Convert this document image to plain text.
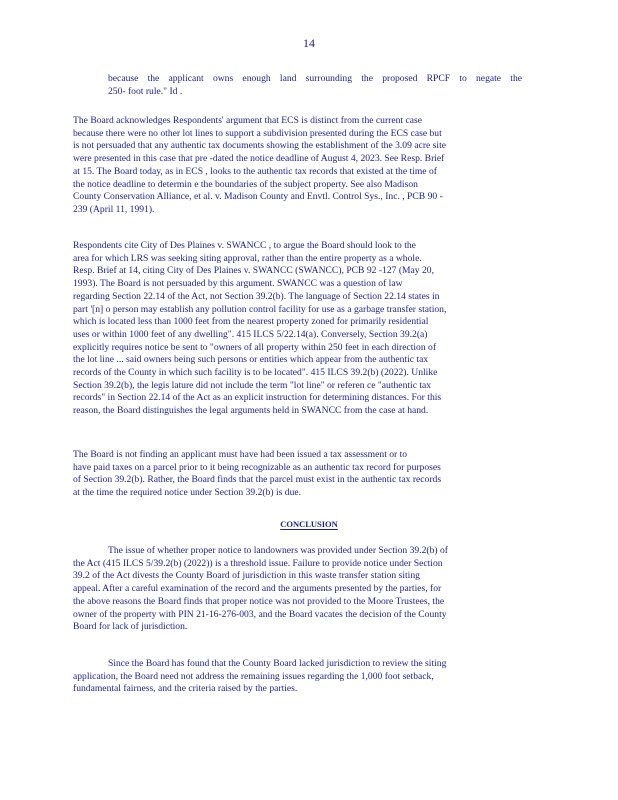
14
because the applicant owns enough land surrounding the proposed RPCF to negate the
250- foot rule." Id .
The Board acknowledges Respondents' argument that ECS is distinct from the current case
because there were no other lot lines to support a subdivision presented during the ECS case but
is not persuaded that any authentic tax documents showing the establishment of the 3.09 acre site
were presented in this case that pre -dated the notice deadline of August 4, 2023. See Resp. Brief
at 15. The Board today, as in ECS , looks to the authentic tax records that existed at the time of
the notice deadline to determin e the boundaries of the subject property. See also Madison
County Conservation Alliance, et al. v. Madison County and Envtl. Control Sys., Inc. , PCB 90 -
239 (April 11, 1991).
Respondents cite City of Des Plaines v. SWANCC , to argue the Board should look to the
area for which LRS was seeking siting approval, rather than the entire property as a whole.
Resp. Brief at 14, citing City of Des Plaines v. SWANCC (SWANCC), PCB 92 -127 (May 20,
1993). The Board is not persuaded by this argument. SWANCC was a question of law
regarding Section 22.14 of the Act, not Section 39.2(b). The language of Section 22.14 states in
part '[n] o person may establish any pollution control facility for use as a garbage transfer station,
which is located less than 1000 feet from the nearest property zoned for primarily residential
uses or within 1000 feet of any dwelling". 415 ILCS 5/22.14(a). Conversely, Section 39.2(a)
explicitly requires notice be sent to "owners of all property within 250 feet in each direction of
the lot line ... said owners being such persons or entities which appear from the authentic tax
records of the County in which such facility is to be located". 415 ILCS 39.2(b) (2022). Unlike
Section 39.2(b), the legis lature did not include the term "lot line" or referen ce "authentic tax
records" in Section 22.14 of the Act as an explicit instruction for determining distances. For this
reason, the Board distinguishes the legal arguments held in SWANCC from the case at hand.
The Board is not finding an applicant must have had been issued a tax assessment or to
have paid taxes on a parcel prior to it being recognizable as an authentic tax record for purposes
of Section 39.2(b). Rather, the Board finds that the parcel must exist in the authentic tax records
at the time the required notice under Section 39.2(b) is due.
CONCLUSION
The issue of whether proper notice to landowners was provided under Section 39.2(b) of
the Act (415 ILCS 5/39.2(b) (2022)) is a threshold issue. Failure to provide notice under Section
39.2 of the Act divests the County Board of jurisdiction in this waste transfer station siting
appeal. After a careful examination of the record and the arguments presented by the parties, for
the above reasons the Board finds that proper notice was not provided to the Moore Trustees, the
owner of the property with PIN 21-16-276-003, and the Board vacates the decision of the County
Board for lack of jurisdiction.
Since the Board has found that the County Board lacked jurisdiction to review the siting
application, the Board need not address the remaining issues regarding the 1,000 foot setback,
fundamental fairness, and the criteria raised by the parties.
